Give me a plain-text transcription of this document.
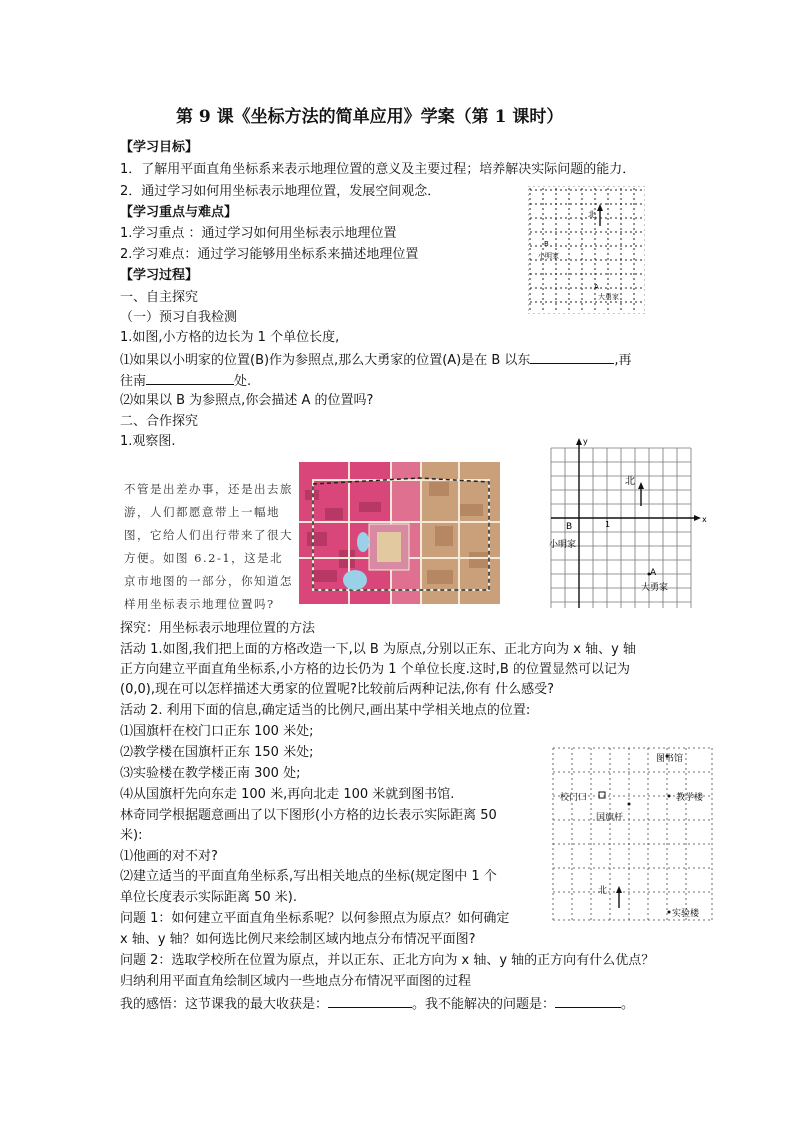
第 9 课《坐标方法的简单应用》学案（第 1 课时）
【学习目标】
1．了解用平面直角坐标系来表示地理位置的意义及主要过程；培养解决实际问题的能力．
2．通过学习如何用坐标表示地理位置，发展空间观念．
【学习重点与难点】
1.学习重点 ：通过学习如何用坐标表示地理位置
2.学习难点：通过学习能够用坐标系来描述地理位置
【学习过程】
一、自主探究
（一）预习自我检测
1.如图,小方格的边长为 1 个单位长度,
⑴如果以小明家的位置(B)作为参照点,那么大勇家的位置(A)是在 B 以东	,再
往南	处.
⑵如果以 B 为参照点,你会描述 A 的位置吗?
二、合作探究
1.观察图.
北
B
小明家
A
大勇家
不管是出差办事，还是出去旅游，人们都愿意带上一幅地图，它给人们出行带来了很大方便。如图 6.2-1，这是北京市地图的一部分，你知道怎样用坐标表示地理位置吗?
y
x
北
B	1
小明家
A
大勇家
探究：用坐标表示地理位置的方法
活动 1.如图,我们把上面的方格改造一下,以 B 为原点,分别以正东、正北方向为 x 轴、y 轴
正方向建立平面直角坐标系,小方格的边长仍为 1 个单位长度.这时,B 的位置显然可以记为
(0,0),现在可以怎样描述大勇家的位置呢?比较前后两种记法,你有 什么感受?
活动 2. 利用下面的信息,确定适当的比例尺,画出某中学相关地点的位置:
⑴国旗杆在校门口正东 100 米处;
⑵教学楼在国旗杆正东 150 米处;
⑶实验楼在教学楼正南 300 处;
⑷从国旗杆先向东走 100 米,再向北走 100 米就到图书馆.
林奇同学根据题意画出了以下图形(小方格的边长表示实际距离 50
米):
⑴他画的对不对?
⑵建立适当的平面直角坐标系,写出相关地点的坐标(规定图中 1 个
单位长度表示实际距离 50 米).
问题 1：如何建立平面直角坐标系呢？以何参照点为原点？如何确定
x 轴、y 轴？如何选比例尺来绘制区域内地点分布情况平面图?
问题 2：选取学校所在位置为原点，并以正东、正北方向为 x 轴、y 轴的正方向有什么优点？
归纳利用平面直角绘制区域内一些地点分布情况平面图的过程
我的感悟：这节课我的最大收获是：	。我不能解决的问题是：	。
图书馆
校门口	教学楼
国旗杆
北
实验楼
